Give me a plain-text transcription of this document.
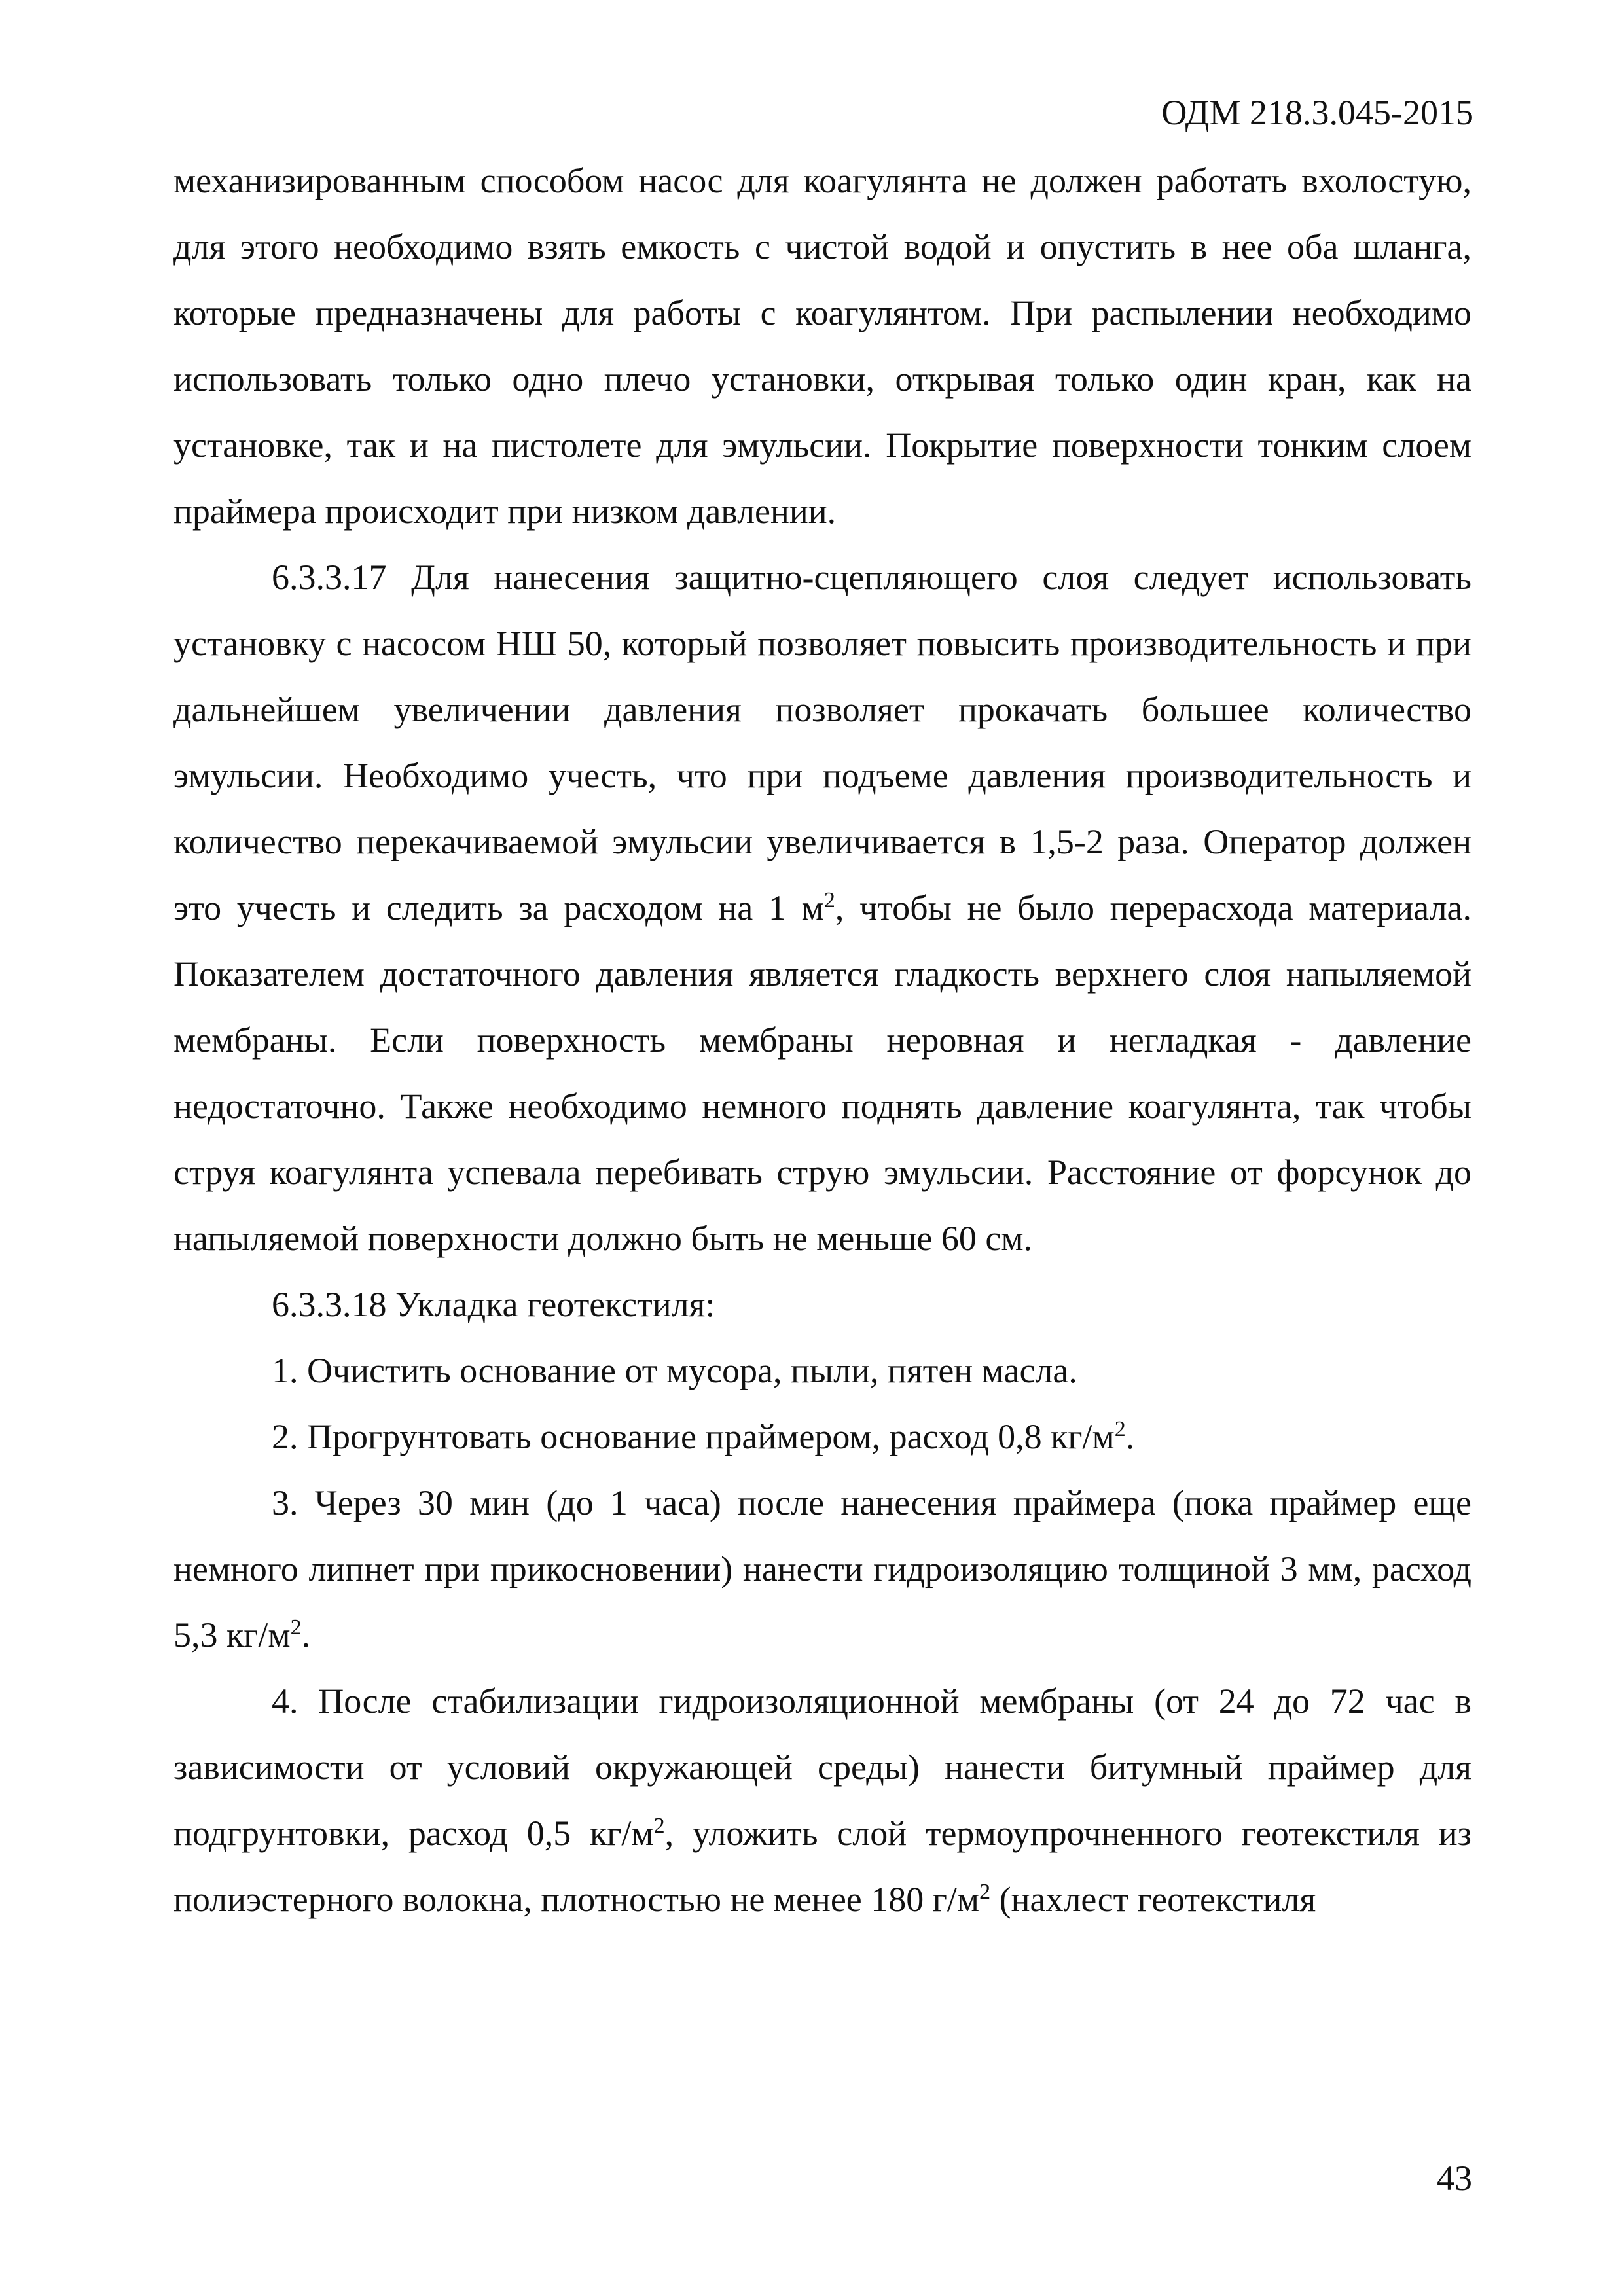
ОДМ 218.3.045-2015

механизированным способом насос для коагулянта не должен работать вхолостую, для этого необходимо взять емкость с чистой водой и опустить в нее оба шланга, которые предназначены для работы с коагулянтом. При распылении необходимо использовать только одно плечо установки, открывая только один кран, как на установке, так и на пистолете для эмульсии. Покрытие поверхности тонким слоем праймера происходит при низком давлении.

6.3.3.17 Для нанесения защитно-сцепляющего слоя следует использовать установку с насосом НШ 50, который позволяет повысить производительность и при дальнейшем увеличении давления позволяет прокачать большее количество эмульсии. Необходимо учесть, что при подъеме давления производительность и количество перекачиваемой эмульсии увеличивается в 1,5-2 раза. Оператор должен это учесть и следить за расходом на 1 $м^2$, чтобы не было перерасхода материала. Показателем достаточного давления является гладкость верхнего слоя напыляемой мембраны. Если поверхность мембраны неровная и негладкая - давление недостаточно. Также необходимо немного поднять давление коагулянта, так чтобы струя коагулянта успевала перебивать струю эмульсии. Расстояние от форсунок до напыляемой поверхности должно быть не меньше 60 см.

6.3.3.18 Укладка геотекстиля:

1. Очистить основание от мусора, пыли, пятен масла.

2. Прогрунтовать основание праймером, расход 0,8 $кг/м^2$.

3. Через 30 мин (до 1 часа) после нанесения праймера (пока праймер еще немного липнет при прикосновении) нанести гидроизоляцию толщиной 3 мм, расход 5,3 $кг/м^2$.

4. После стабилизации гидроизоляционной мембраны (от 24 до 72 час в зависимости от условий окружающей среды) нанести битумный праймер для подгрунтовки, расход 0,5 $кг/м^2$, уложить слой термоупрочненного геотекстиля из полиэстерного волокна, плотностью не менее 180 $г/м^2$ (нахлест геотекстиля

43
